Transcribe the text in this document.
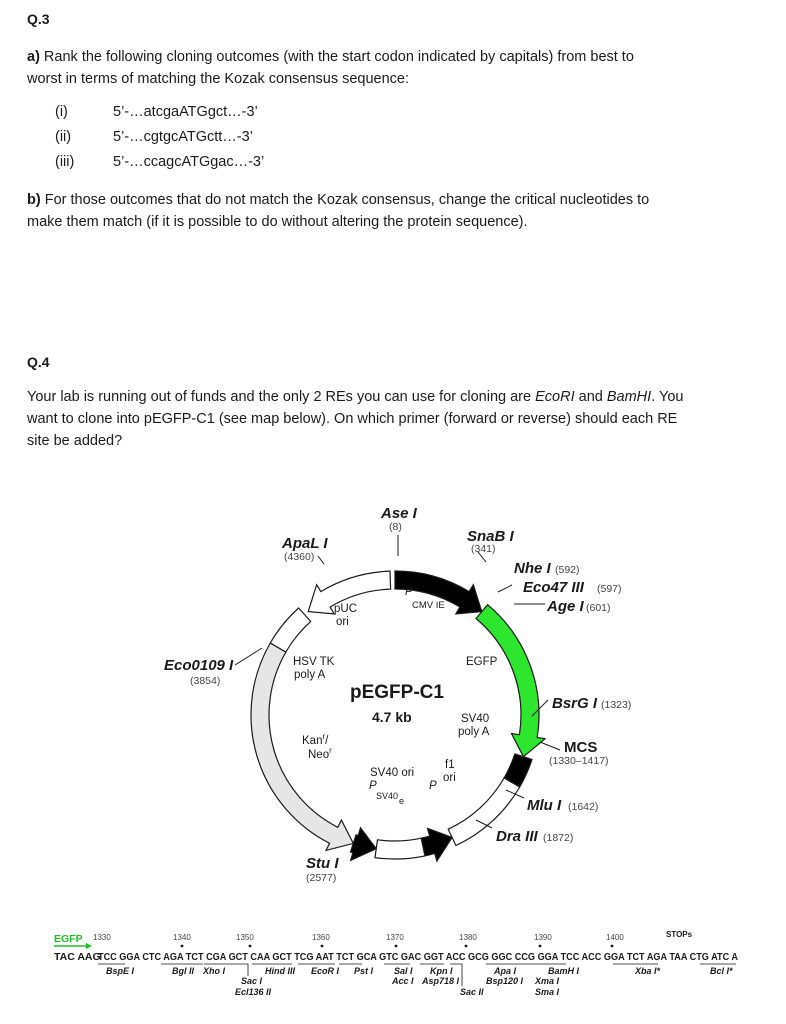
Q.3
a) Rank the following cloning outcomes (with the start codon indicated by capitals) from best to
worst in terms of matching the Kozak consensus sequence:
(i)	5’-…atcgaATGgct…-3’
(ii)	5’-…cgtgcATGctt…-3’
(iii)	5’-…ccagcATGgac…-3’
b) For those outcomes that do not match the Kozak consensus, change the critical nucleotides to
make them match (if it is possible to do without altering the protein sequence).
Q.4
Your lab is running out of funds and the only 2 REs you can use for cloning are EcoRI and BamHI. You
want to clone into pEGFP-C1 (see map below). On which primer (forward or reverse) should each RE
site be added?
Ase I
SnaB I
Nhe I
Eco47 III
Age I
ApaL I
Eco0109 I
BsrG I
Mlu I
Dra III
Stu I
MCS
(8)
(341)
(592)
(597)
(601)
(4360)
(3854)
(1323)
(1330–1417)
(1642)
(1872)
(2577)
pUC
ori
P
CMV IE
EGFP
HSV TK
poly A
Kan$^r$/
Neo$^r$
SV40
poly A
SV40 ori
P
SV40 e
f1
ori
P
pEGFP-C1
4.7 kb
EGFP 1330	1340	1350	1360	1370	1380	1390	1400	STOPs
TAC AAG
TCC GGA CTC AGA TCT CGA GCT CAA GCT TCG AAT TCT GCA GTC GAC GGT ACC GCG GGC CCG GGA TCC ACC GGA TCT AGA TAA CTG ATC A
BspE I	Bgl II Xho I
Sac I
Hind III
Ecl136 II
EcoR I Pst I Sal I
Acc I
Kpn I
Asp718 I
Sac II
Apa I
Bsp120 I
BamH I
Xma I
Sma I
Xba I*	Bcl I*
